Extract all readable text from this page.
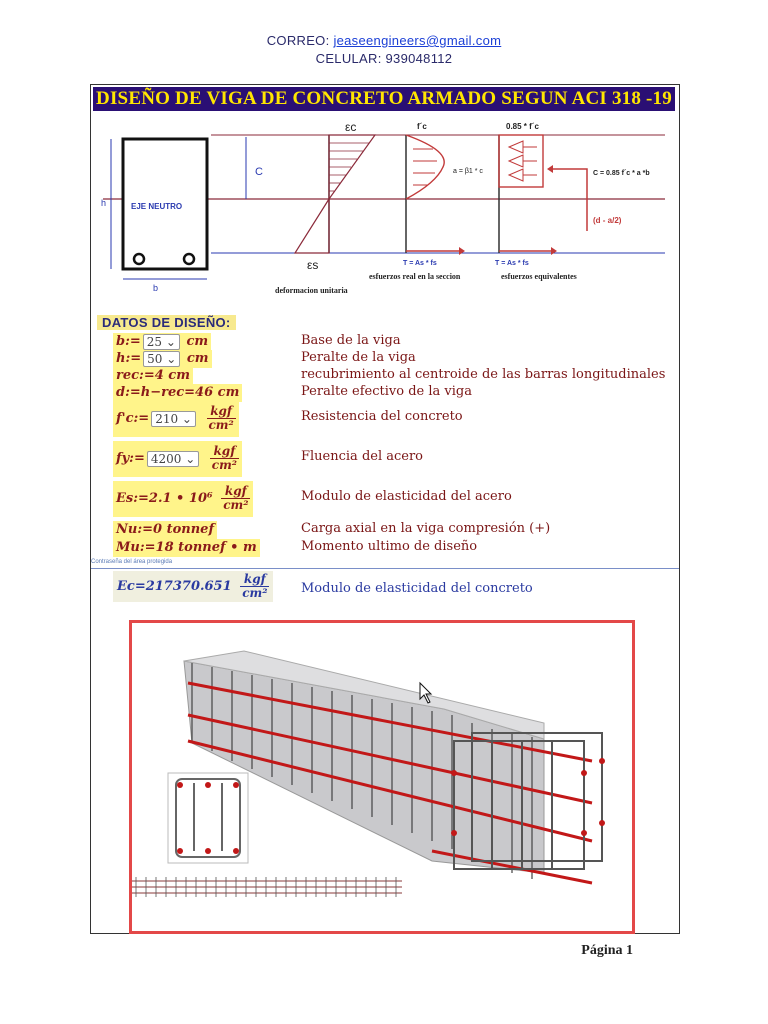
CORREO: jeaseengineers@gmail.com
CELULAR: 939048112
DISEÑO DE VIGA DE CONCRETO ARMADO SEGUN ACI 318 -19
h
b
EJE NEUTRO
C
εc
εs
f´c
a = β1 * c
T = As * fs
0.85 * f´c
C = 0.85 f´c * a *b
(d - a/2)
T = As * fs
esfuerzos real en la seccion	esfuerzos equivalentes
deformacion unitaria
DATOS DE DISEÑO:
b:= 25 ⌄ cm	Base de la viga
h:= 50 ⌄ cm	Peralte de la viga
rec:=4 cm	recubrimiento al centroide de las barras longitudinales
d:=h−rec=46 cm	Peralte efectivo de la viga
f'c:= 210 ⌄ $\frac{\text{kgf}}{\text{cm²}}$	Resistencia del concreto
fy:= 4200 ⌄ $\frac{\text{kgf}}{\text{cm²}}$	Fluencia del acero
Es:=2.1 • $10^6 \frac{\text{kgf}}{\text{cm²}}$	Modulo de elasticidad del acero
Nu:=0 tonnef	Carga axial en la viga compresión (+)
Mu:=18 tonnef • m	Momento ultimo de diseño
Contraseña del área protegida
$Ec=217370.651 \frac{\text{kgf}}{\text{cm²}}$ Modulo de elasticidad del concreto
Página 1
